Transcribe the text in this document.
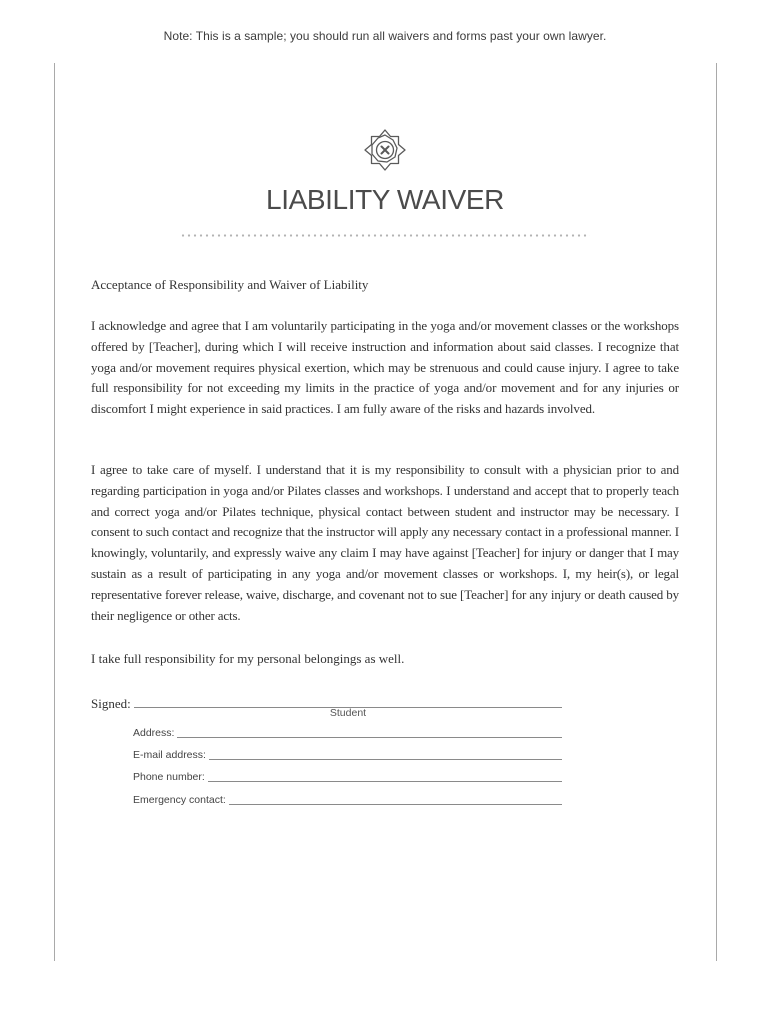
Note: This is a sample; you should run all waivers and forms past your own lawyer.
LIABILITY WAIVER

Acceptance of Responsibility and Waiver of Liability

I acknowledge and agree that I am voluntarily participating in the yoga and/or movement classes or the workshops offered by [Teacher], during which I will receive instruction and information about said classes. I recognize that yoga and/or movement requires physical exertion, which may be strenuous and could cause injury. I agree to take full responsibility for not exceeding my limits in the practice of yoga and/or movement and for any injuries or discomfort I might experience in said practices. I am fully aware of the risks and hazards involved.

I agree to take care of myself. I understand that it is my responsibility to consult with a physician prior to and regarding participation in yoga and/or Pilates classes and workshops. I understand and accept that to properly teach and correct yoga and/or Pilates technique, physical contact between student and instructor may be necessary. I consent to such contact and recognize that the instructor will apply any necessary contact in a professional manner. I knowingly, voluntarily, and expressly waive any claim I may have against [Teacher] for injury or danger that I may sustain as a result of participating in any yoga and/or movement classes or workshops. I, my heir(s), or legal representative forever release, waive, discharge, and covenant not to sue [Teacher] for any injury or death caused by their negligence or other acts.

I take full responsibility for my personal belongings as well.

Signed:
Student
Address:
E-mail address:
Phone number:
Emergency contact:
